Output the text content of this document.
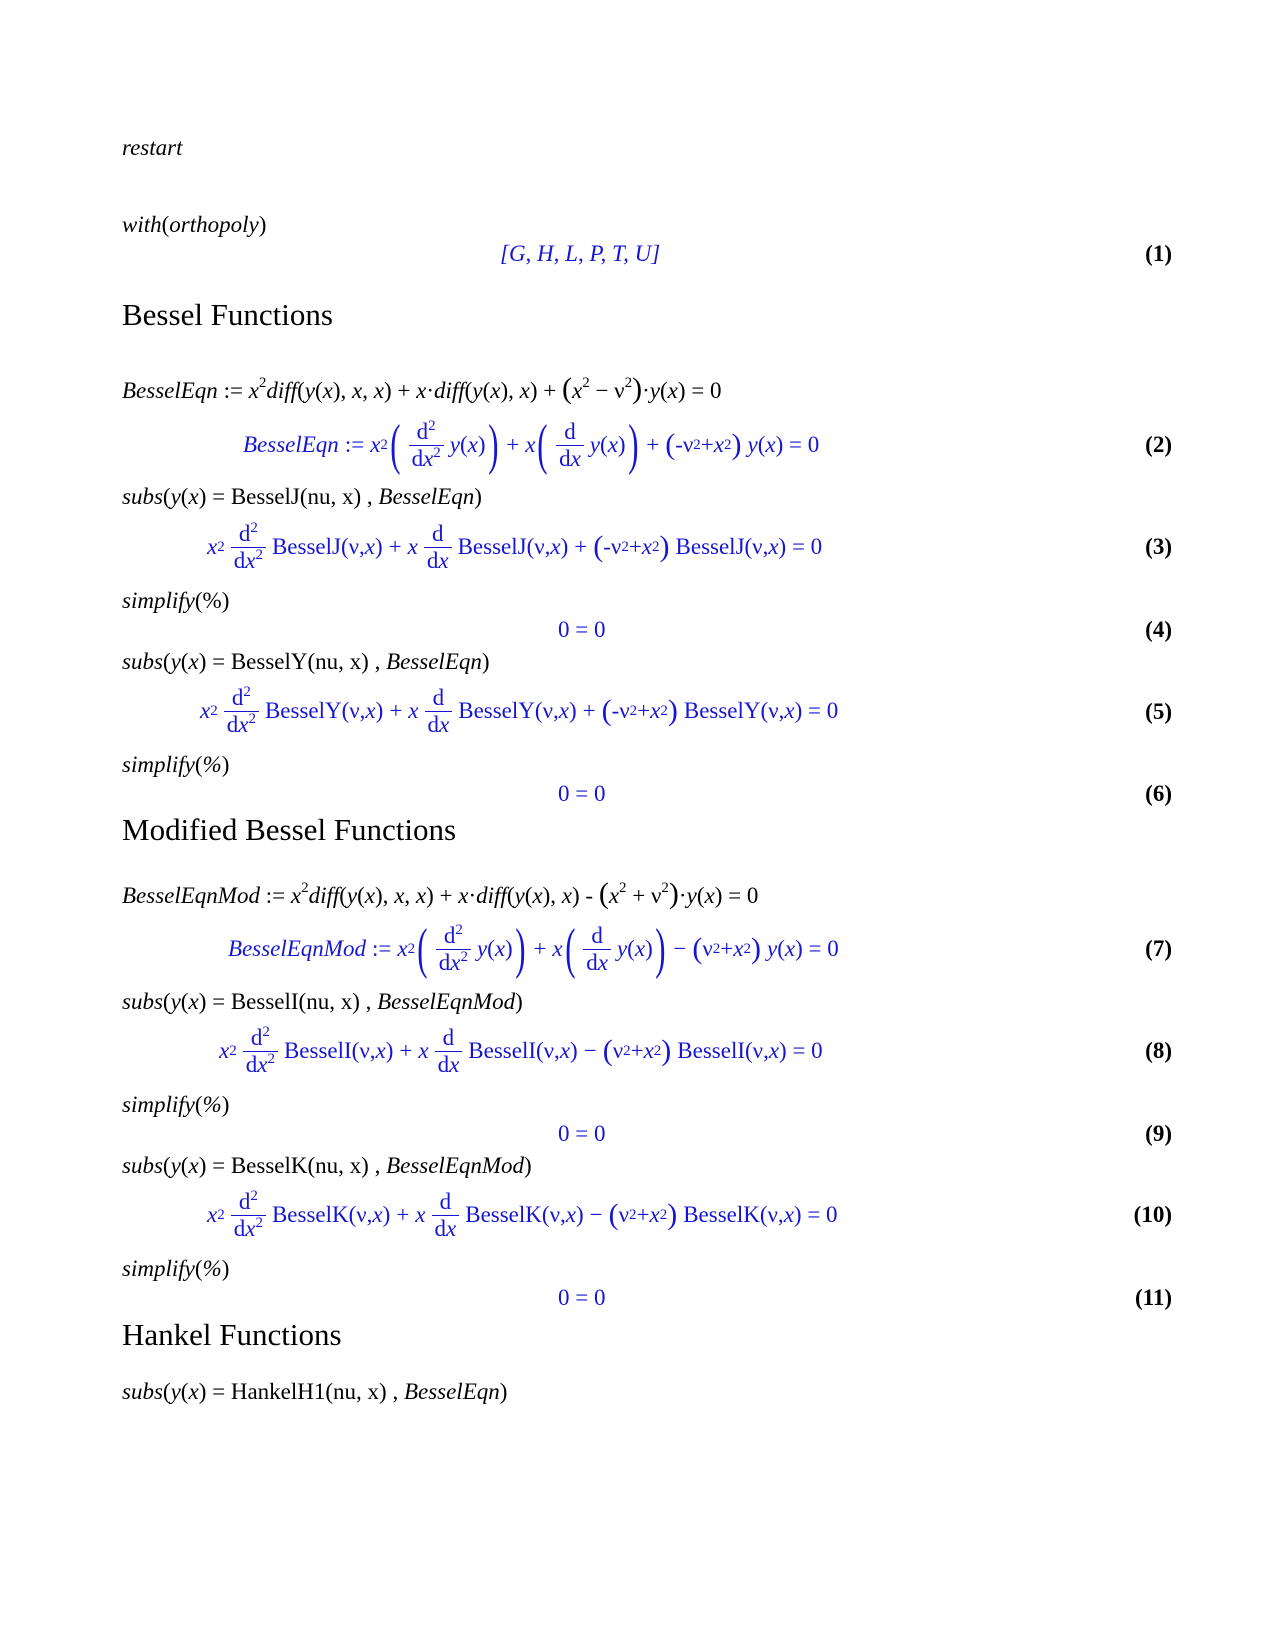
restart
with(orthopoly)
[G, H, L, P, T, U]	(1)
Bessel Functions
BesselEqn := $x^2diff(y(x)$, x, x) + x·diff(y(x), $x) + (x^2 - \nu^2)\cdot y(x) = 0$
BesselEqn := x 2 ( $\frac{d^2}{dx^2}$ y ( x ) ) + x ( $\frac{d}{dx}$ y ( x ) ) + ( -ν 2 + x 2 ) y ( x ) = 0	(2)
subs(y(x) = BesselJ(nu, x) , BesselEqn)
x $2 \frac{d^2}{dx^2}$ BesselJ (ν, x ) + x $\frac{d}{dx}$ BesselJ (ν, x ) + ( -ν 2 + x 2 ) BesselJ (ν, x ) = 0	(3)
simplify(%)
0 = 0	(4)
subs(y(x) = BesselY(nu, x) , BesselEqn)
x $2 \frac{d^2}{dx^2}$ BesselY (ν, x ) + x $\frac{d}{dx}$ BesselY (ν, x ) + ( -ν 2 + x 2 ) BesselY (ν, x ) = 0	(5)
simplify(%)
0 = 0	(6)
Modified Bessel Functions
BesselEqnMod := $x^2diff(y(x)$, x, x) + x·diff(y(x), $x) - (x^2 + \nu^2)\cdot y(x) = 0$
BesselEqnMod := x 2 ( $\frac{d^2}{dx^2}$ y ( x ) ) + x ( $\frac{d}{dx}$ y ( x ) ) − ( ν 2 + x 2 ) y ( x ) = 0	(7)
subs(y(x) = BesselI(nu, x) , BesselEqnMod)
x $2 \frac{d^2}{dx^2}$ BesselI (ν, x ) + x $\frac{d}{dx}$ BesselI (ν, x ) − ( ν 2 + x 2 ) BesselI (ν, x ) = 0	(8)
simplify(%)
0 = 0	(9)
subs(y(x) = BesselK(nu, x) , BesselEqnMod)
x $2 \frac{d^2}{dx^2}$ BesselK (ν, x ) + x $\frac{d}{dx}$ BesselK (ν, x ) − ( ν 2 + x 2 ) BesselK (ν, x ) = 0	(10)
simplify(%)
0 = 0	(11)
Hankel Functions
subs(y(x) = HankelH1(nu, x) , BesselEqn)
